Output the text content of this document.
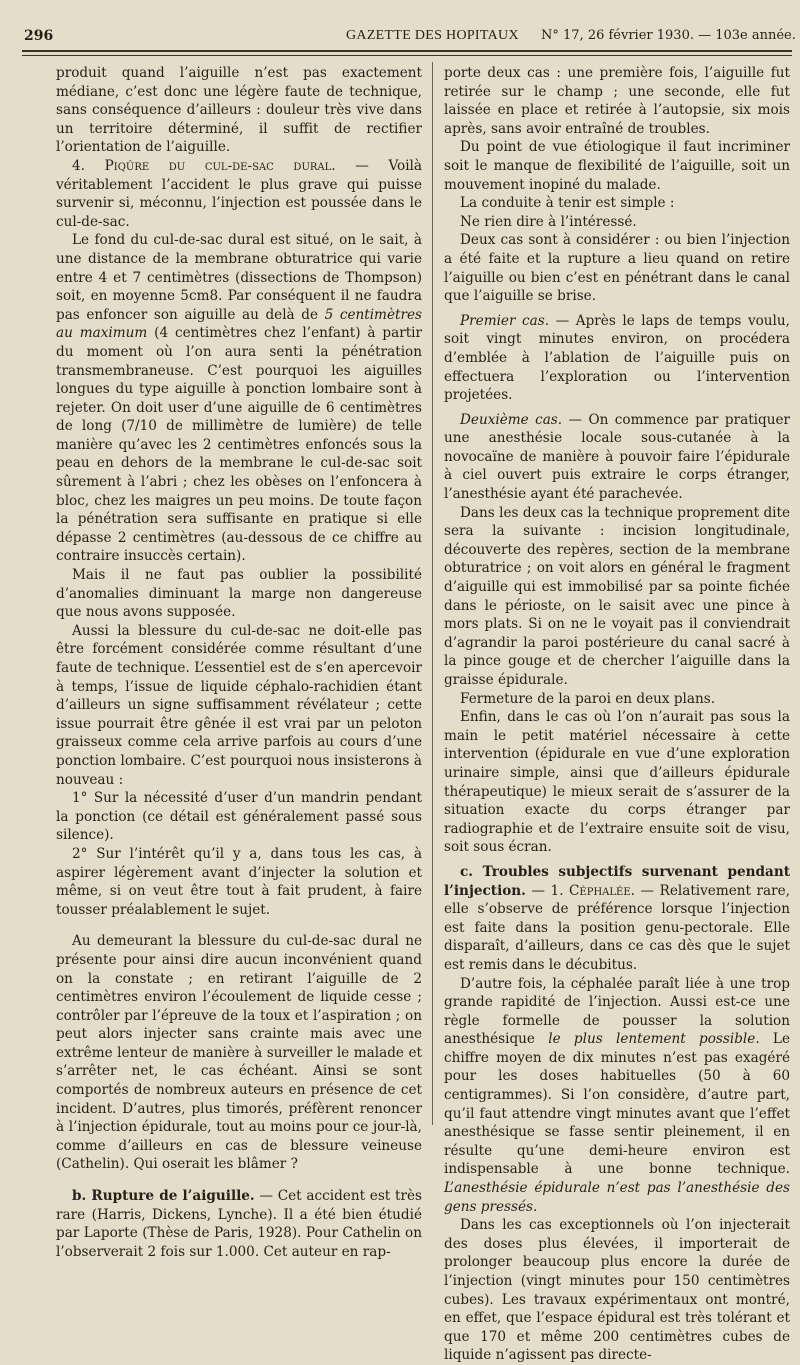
296	GAZETTE DES HOPITAUX N° 17, 26 février 1930. — 103e année.

produit quand l’aiguille n’est pas exactement médiane, c’est donc une légère faute de technique, sans conséquence d’ailleurs : douleur très vive dans un territoire déterminé, il suffit de rectifier l’orientation de l’aiguille.

4. Piqûre du cul-de-sac dural. — Voilà véritablement l’accident le plus grave qui puisse survenir si, méconnu, l’injection est poussée dans le cul-de-sac.

Le fond du cul-de-sac dural est situé, on le sait, à une distance de la membrane obturatrice qui varie entre 4 et 7 centimètres (dissections de Thompson) soit, en moyenne 5cm8. Par conséquent il ne faudra pas enfoncer son aiguille au delà de 5 centimètres au maximum (4 centimètres chez l’enfant) à partir du moment où l’on aura senti la pénétration transmembraneuse. C’est pourquoi les aiguilles longues du type aiguille à ponction lombaire sont à rejeter. On doit user d’une aiguille de 6 centimètres de long (7/10 de millimètre de lumière) de telle manière qu’avec les 2 centimètres enfoncés sous la peau en dehors de la membrane le cul-de-sac soit sûrement à l’abri ; chez les obèses on l’enfoncera à bloc, chez les maigres un peu moins. De toute façon la pénétration sera suffisante en pratique si elle dépasse 2 centimètres (au-dessous de ce chiffre au contraire insuccès certain).

Mais il ne faut pas oublier la possibilité d’anomalies diminuant la marge non dangereuse que nous avons supposée.

Aussi la blessure du cul-de-sac ne doit-elle pas être forcément considérée comme résultant d’une faute de technique. L’essentiel est de s’en apercevoir à temps, l’issue de liquide céphalo-rachidien étant d’ailleurs un signe suffisamment révélateur ; cette issue pourrait être gênée il est vrai par un peloton graisseux comme cela arrive parfois au cours d’une ponction lombaire. C’est pourquoi nous insisterons à nouveau :

1° Sur la nécessité d’user d’un mandrin pendant la ponction (ce détail est généralement passé sous silence).

2° Sur l’intérêt qu’il y a, dans tous les cas, à aspirer légèrement avant d’injecter la solution et même, si on veut être tout à fait prudent, à faire tousser préalablement le sujet.

Au demeurant la blessure du cul-de-sac dural ne présente pour ainsi dire aucun inconvénient quand on la constate ; en retirant l’aiguille de 2 centimètres environ l’écoulement de liquide cesse ; contrôler par l’épreuve de la toux et l’aspiration ; on peut alors injecter sans crainte mais avec une extrême lenteur de manière à surveiller le malade et s’arrêter net, le cas échéant. Ainsi se sont comportés de nombreux auteurs en présence de cet incident. D’autres, plus timorés, préfèrent renoncer à l’injection épidurale, tout au moins pour ce jour-là, comme d’ailleurs en cas de blessure veineuse (Cathelin). Qui oserait les blâmer ?

b. Rupture de l’aiguille. — Cet accident est très rare (Harris, Dickens, Lynche). Il a été bien étudié par Laporte (Thèse de Paris, 1928). Pour Cathelin on l’observerait 2 fois sur 1.000. Cet auteur en rap-

porte deux cas : une première fois, l’aiguille fut retirée sur le champ ; une seconde, elle fut laissée en place et retirée à l’autopsie, six mois après, sans avoir entraîné de troubles.

Du point de vue étiologique il faut incriminer soit le manque de flexibilité de l’aiguille, soit un mouvement inopiné du malade.

La conduite à tenir est simple :

Ne rien dire à l’intéressé.

Deux cas sont à considérer : ou bien l’injection a été faite et la rupture a lieu quand on retire l’aiguille ou bien c’est en pénétrant dans le canal que l’aiguille se brise.

Premier cas. — Après le laps de temps voulu, soit vingt minutes environ, on procédera d’emblée à l’ablation de l’aiguille puis on effectuera l’exploration ou l’intervention projetées.

Deuxième cas. — On commence par pratiquer une anesthésie locale sous-cutanée à la novocaïne de manière à pouvoir faire l’épidurale à ciel ouvert puis extraire le corps étranger, l’anesthésie ayant été parachevée.

Dans les deux cas la technique proprement dite sera la suivante : incision longitudinale, découverte des repères, section de la membrane obturatrice ; on voit alors en général le fragment d’aiguille qui est immobilisé par sa pointe fichée dans le périoste, on le saisit avec une pince à mors plats. Si on ne le voyait pas il conviendrait d’agrandir la paroi postérieure du canal sacré à la pince gouge et de chercher l’aiguille dans la graisse épidurale.

Fermeture de la paroi en deux plans.

Enfin, dans le cas où l’on n’aurait pas sous la main le petit matériel nécessaire à cette intervention (épidurale en vue d’une exploration urinaire simple, ainsi que d’ailleurs épidurale thérapeutique) le mieux serait de s’assurer de la situation exacte du corps étranger par radiographie et de l’extraire ensuite soit de visu, soit sous écran.

c. Troubles subjectifs survenant pendant l’injection. — 1. Céphalée. — Relativement rare, elle s’observe de préférence lorsque l’injection est faite dans la position genu-pectorale. Elle disparaît, d’ailleurs, dans ce cas dès que le sujet est remis dans le décubitus.

D’autre fois, la céphalée paraît liée à une trop grande rapidité de l’injection. Aussi est-ce une règle formelle de pousser la solution anesthésique le plus lentement possible. Le chiffre moyen de dix minutes n’est pas exagéré pour les doses habituelles (50 à 60 centigrammes). Si l’on considère, d’autre part, qu’il faut attendre vingt minutes avant que l’effet anesthésique se fasse sentir pleinement, il en résulte qu’une demi-heure environ est indispensable à une bonne technique. L’anesthésie épidurale n’est pas l’anesthésie des gens pressés.

Dans les cas exceptionnels où l’on injecterait des doses plus élevées, il importerait de prolonger beaucoup plus encore la durée de l’injection (vingt minutes pour 150 centimètres cubes). Les travaux expérimentaux ont montré, en effet, que l’espace épidural est très tolérant et que 170 et même 200 centimètres cubes de liquide n’agissent pas directe-
